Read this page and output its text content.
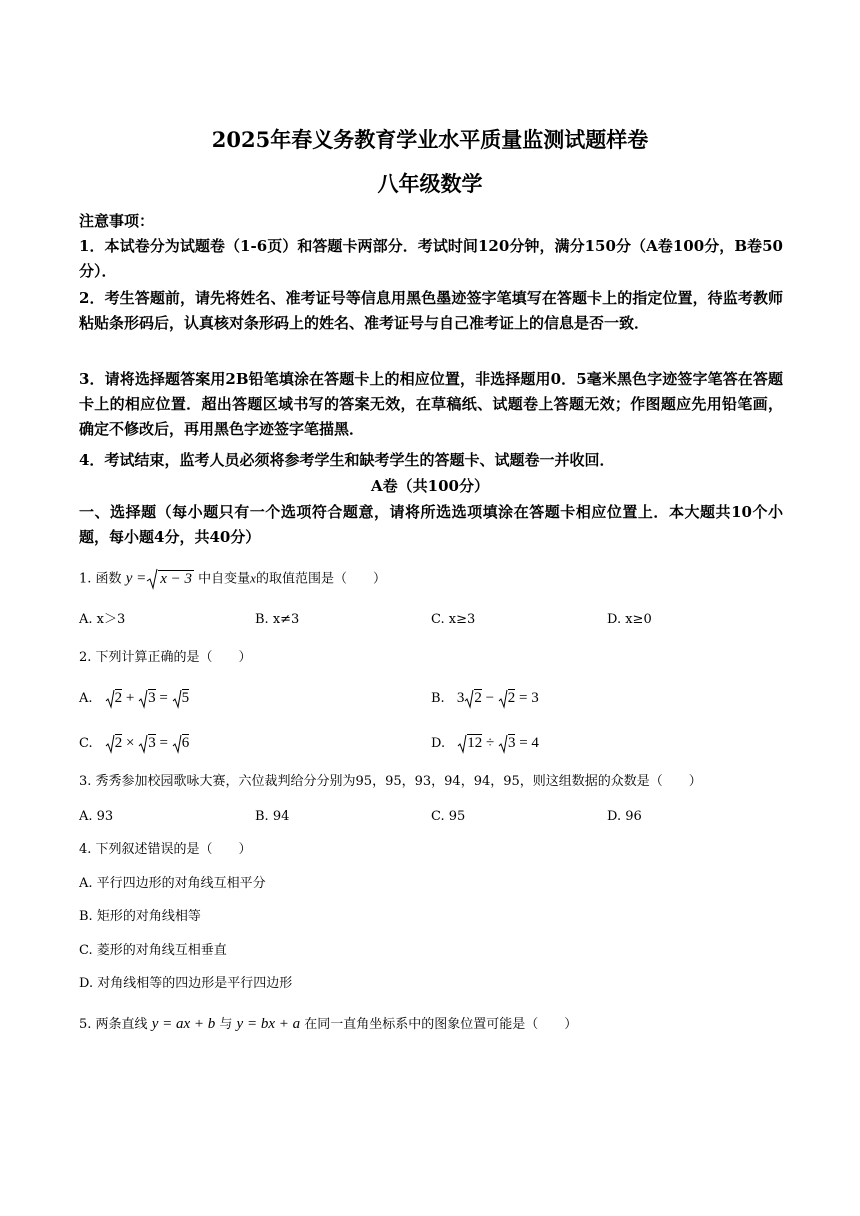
2025年春义务教育学业水平质量监测试题样卷
八年级数学
注意事项：
1．本试卷分为试题卷（1-6页）和答题卡两部分．考试时间120分钟，满分150分（A卷100分，B卷50分）．
2．考生答题前，请先将姓名、准考证号等信息用黑色墨迹签字笔填写在答题卡上的指定位置，待监考教师粘贴条形码后，认真核对条形码上的姓名、准考证号与自己准考证上的信息是否一致．
3．请将选择题答案用2B铅笔填涂在答题卡上的相应位置，非选择题用0．5毫米黑色字迹签字笔答在答题卡上的相应位置．超出答题区域书写的答案无效，在草稿纸、试题卷上答题无效；作图题应先用铅笔画，确定不修改后，再用黑色字迹签字笔描黑．
4．考试结束，监考人员必须将参考学生和缺考学生的答题卡、试题卷一并收回．
A卷（共100分）
一、选择题（每小题只有一个选项符合题意，请将所选选项填涂在答题卡相应位置上．本大题共10个小题，每小题4分，共40分）
1. 函数 y = x − 3 中自变量x的取值范围是（　　）
A. x＞3	B. x≠3	C. x≥3	D. x≥0
2. 下列计算正确的是（　　）
A. 2 + 3 = 5	B. 3 2 − 2 = 3
C. 2 × 3 = 6	D. 12 ÷ 3 = 4
3. 秀秀参加校园歌咏大赛，六位裁判给分分别为95，95，93，94，94，95，则这组数据的众数是（　　）
A. 93	B. 94	C. 95	D. 96
4. 下列叙述错误的是（　　）
A. 平行四边形的对角线互相平分
B. 矩形的对角线相等
C. 菱形的对角线互相垂直
D. 对角线相等的四边形是平行四边形
5. 两条直线 y = ax + b 与 y = bx + a 在同一直角坐标系中的图象位置可能是（　　）
